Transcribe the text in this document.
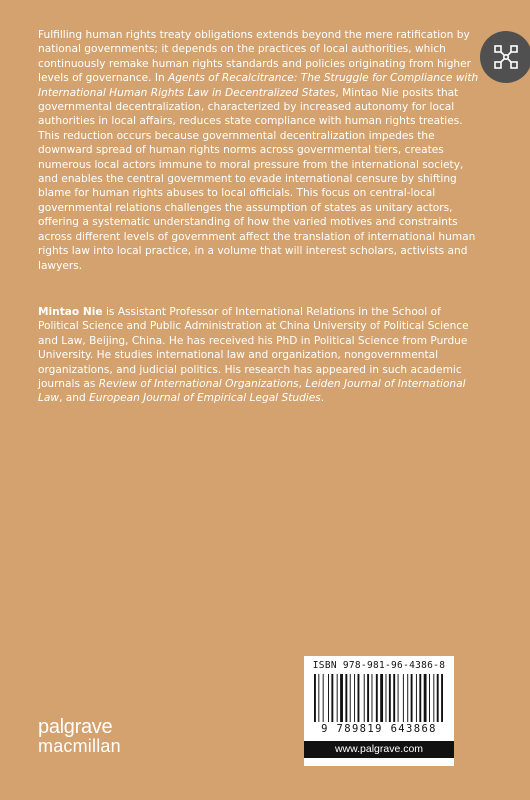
Fulfilling human rights treaty obligations extends beyond the mere ratification by national governments; it depends on the practices of local authorities, which continuously remake human rights standards and policies originating from higher levels of governance. In Agents of Recalcitrance: The Struggle for Compliance with International Human Rights Law in Decentralized States, Mintao Nie posits that governmental decentralization, characterized by increased autonomy for local authorities in local affairs, reduces state compliance with human rights treaties. This reduction occurs because governmental decentralization impedes the downward spread of human rights norms across governmental tiers, creates numerous local actors immune to moral pressure from the international society, and enables the central government to evade international censure by shifting blame for human rights abuses to local officials. This focus on central-local governmental relations challenges the assumption of states as unitary actors, offering a systematic understanding of how the varied motives and constraints across different levels of government affect the translation of international human rights law into local practice, in a volume that will interest scholars, activists and lawyers.

Mintao Nie is Assistant Professor of International Relations in the School of Political Science and Public Administration at China University of Political Science and Law, Beijing, China. He has received his PhD in Political Science from Purdue University. He studies international law and organization, nongovernmental organizations, and judicial politics. His research has appeared in such academic journals as Review of International Organizations, Leiden Journal of International Law, and European Journal of Empirical Legal Studies.

palgrave
macmillan
ISBN 978-981-96-4386-8
9 789819 643868
www.palgrave.com
